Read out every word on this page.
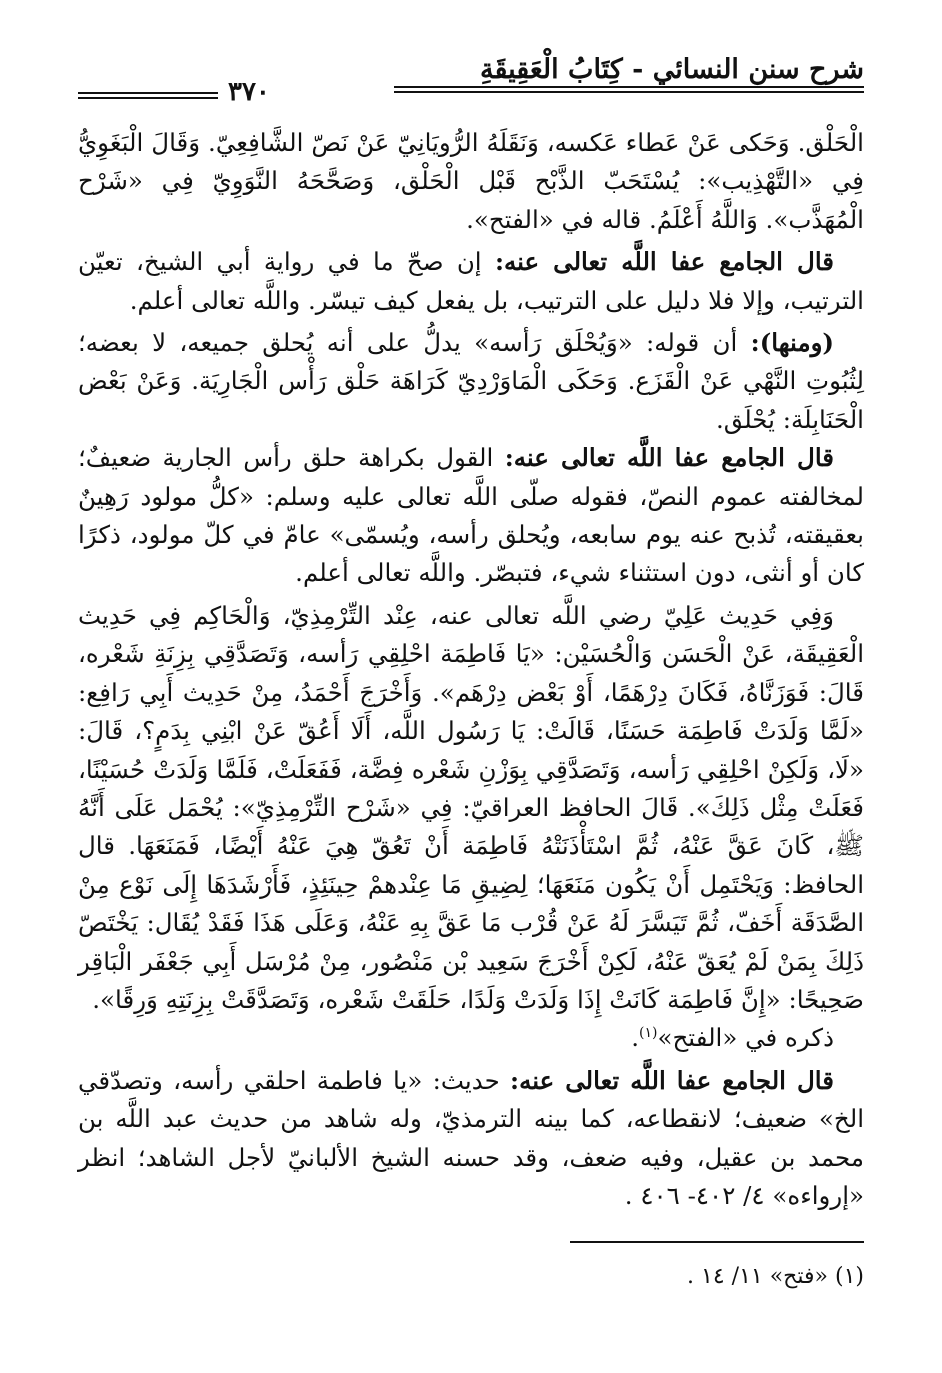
شرح سنن النسائي - كِتَابُ الْعَقِيقَةِ
٣٧٠

الْحَلْق. وَحَكى عَنْ عَطاء عَكسه، وَنَقَلَهُ الرُّويَانِيّ عَنْ نَصّ الشَّافِعِيّ. وَقَالَ الْبَغَوِيُّ فِي «التَّهْذِيب»: يُسْتَحَبّ الذَّبْح قَبْل الْحَلْق، وَصَحَّحَهُ النَّوَوِيّ فِي «شَرْح الْمُهَذَّب». وَاللَّهُ أَعْلَمُ. قاله في «الفتح».

قال الجامع عفا اللَّه تعالى عنه: إن صحّ ما في رواية أبي الشيخ، تعيّن الترتيب، وإلا فلا دليل على الترتيب، بل يفعل كيف تيسّر. واللَّه تعالى أعلم.

(ومنها): أن قوله: «وَيُحْلَق رَأسه» يدلُّ على أنه يُحلق جميعه، لا بعضه؛ لِثُبُوتِ النَّهْي عَنْ الْقَزَع. وَحَكَى الْمَاوَرْدِيّ كَرَاهَة حَلْق رَأْس الْجَارِيَة. وَعَنْ بَعْض الْحَنَابِلَة: يُحْلَق.

قال الجامع عفا اللَّه تعالى عنه: القول بكراهة حلق رأس الجارية ضعيفٌ؛ لمخالفته عموم النصّ، فقوله صلّى اللَّه تعالى عليه وسلم: «كلُّ مولود رَهِينٌ بعقيقته، تُذبح عنه يوم سابعه، ويُحلق رأسه، ويُسمّى» عامّ في كلّ مولود، ذكرًا كان أو أنثى، دون استثناء شيء، فتبصّر. واللَّه تعالى أعلم.

وَفِي حَدِيث عَلِيّ رضي اللَّه تعالى عنه، عِنْد التِّرْمِذِيّ، وَالْحَاكِم فِي حَدِيث الْعَقِيقَة، عَنْ الْحَسَن وَالْحُسَيْن: «يَا فَاطِمَة احْلِقِي رَأسه، وَتَصَدَّقِي بِزِنَةِ شَعْره، قَالَ: فَوَزَنَّاهُ، فَكَانَ دِرْهَمًا، أَوْ بَعْض دِرْهَم». وَأَخْرَجَ أَحْمَدُ، مِنْ حَدِيث أَبِي رَافِع: «لَمَّا وَلَدَتْ فَاطِمَة حَسَنًا، قَالَتْ: يَا رَسُول اللَّه، أَلَا أَعُقّ عَنْ ابْنِي بِدَمٍ؟، قَالَ: «لَا، وَلَكِنْ احْلِقِي رَأسه، وَتَصَدَّقِي بِوَزْنِ شَعْره فِضَّة، فَفَعَلَتْ، فَلَمَّا وَلَدَتْ حُسَيْنًا، فَعَلَتْ مِثْل ذَلِكَ». قَالَ الحافظ العراقيّ: فِي «شَرْح التِّرْمِذِيّ»: يُحْمَل عَلَى أَنَّهُ ﷺ، كَانَ عَقَّ عَنْهُ، ثُمَّ اسْتَأْذَنَتْهُ فَاطِمَة أَنْ تَعُقّ هِيَ عَنْهُ أَيْضًا، فَمَنَعَهَا. قال الحافظ: وَيَحْتَمِل أَنْ يَكُون مَنَعَهَا؛ لِضِيقِ مَا عِنْدهمْ حِينَئِذٍ، فَأَرْشَدَهَا إِلَى نَوْع مِنْ الصَّدَقَة أَخَفّ، ثُمَّ تَيَسَّرَ لَهُ عَنْ قُرْب مَا عَقَّ بِهِ عَنْهُ، وَعَلَى هَذَا فَقَدْ يُقَال: يَخْتَصّ ذَلِكَ بِمَنْ لَمْ يُعَقّ عَنْهُ، لَكِنْ أَخْرَجَ سَعِيد بْن مَنْصُور، مِنْ مُرْسَل أَبِي جَعْفَر الْبَاقِر صَحِيحًا: «إِنَّ فَاطِمَة كَانَتْ إِذَا وَلَدَتْ وَلَدًا، حَلَقَتْ شَعْره، وَتَصَدَّقَتْ بِزِنَتِهِ وَرِقًا».

ذكره في «الفتح»$^{(١)}$.

قال الجامع عفا اللَّه تعالى عنه: حديث: «يا فاطمة احلقي رأسه، وتصدّقي الخ» ضعيف؛ لانقطاعه، كما بينه الترمذيّ، وله شاهد من حديث عبد اللَّه بن محمد بن عقيل، وفيه ضعف، وقد حسنه الشيخ الألبانيّ لأجل الشاهد؛ انظر «إرواءه» ٤/ ٤٠٢- ٤٠٦ .

(١) «فتح» ١١/ ١٤ .
